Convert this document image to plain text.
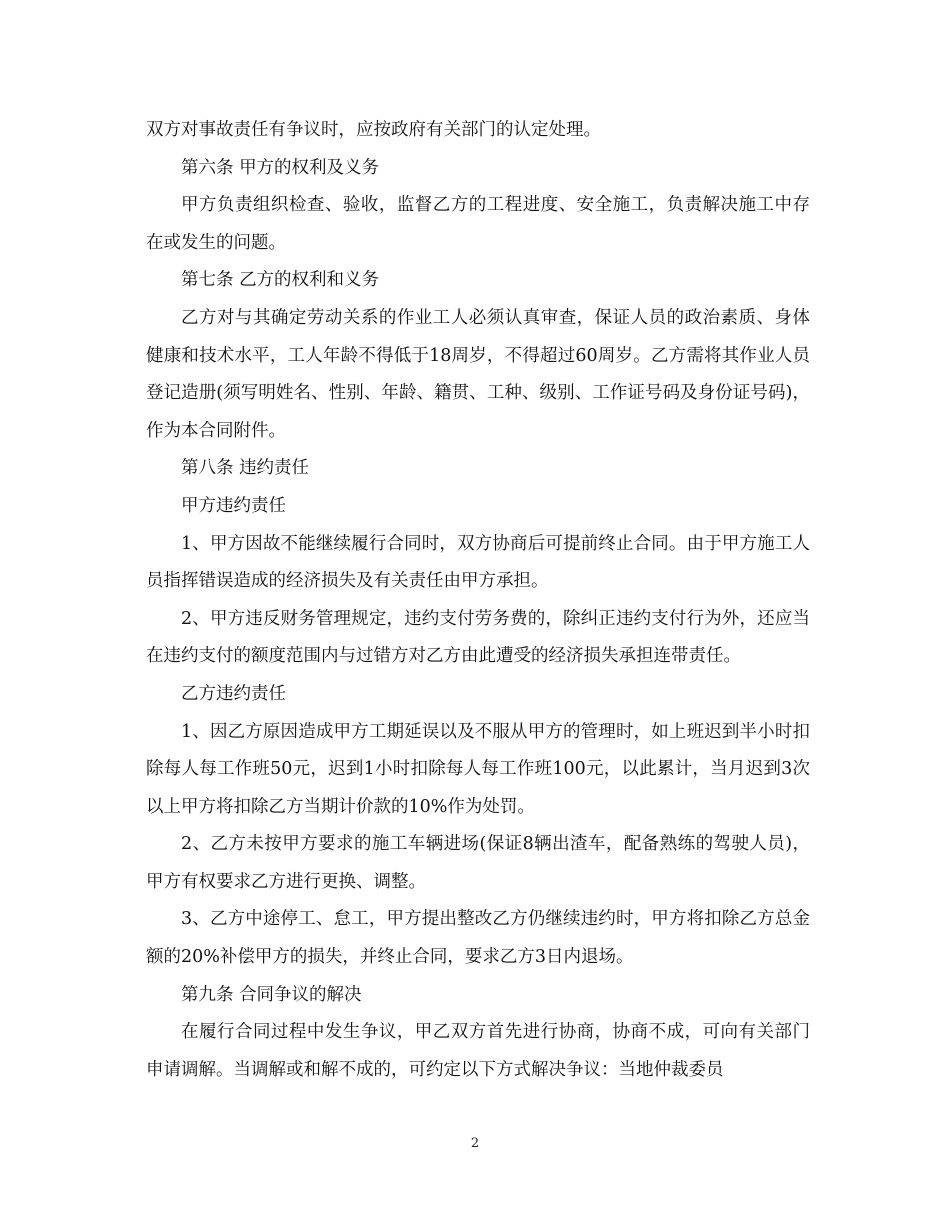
双方对事故责任有争议时，应按政府有关部门的认定处理。

第六条 甲方的权利及义务

甲方负责组织检查、验收，监督乙方的工程进度、安全施工，负责解决施工中存在或发生的问题。

第七条 乙方的权利和义务

乙方对与其确定劳动关系的作业工人必须认真审查，保证人员的政治素质、身体健康和技术水平，工人年龄不得低于18周岁，不得超过60周岁。乙方需将其作业人员登记造册(须写明姓名、性别、年龄、籍贯、工种、级别、工作证号码及身份证号码)，作为本合同附件。

第八条 违约责任

甲方违约责任

1、甲方因故不能继续履行合同时，双方协商后可提前终止合同。由于甲方施工人员指挥错误造成的经济损失及有关责任由甲方承担。

2、甲方违反财务管理规定，违约支付劳务费的，除纠正违约支付行为外，还应当在违约支付的额度范围内与过错方对乙方由此遭受的经济损失承担连带责任。

乙方违约责任

1、因乙方原因造成甲方工期延误以及不服从甲方的管理时，如上班迟到半小时扣除每人每工作班50元，迟到1小时扣除每人每工作班100元，以此累计，当月迟到3次以上甲方将扣除乙方当期计价款的10%作为处罚。

2、乙方未按甲方要求的施工车辆进场(保证8辆出渣车，配备熟练的驾驶人员)，甲方有权要求乙方进行更换、调整。

3、乙方中途停工、怠工，甲方提出整改乙方仍继续违约时，甲方将扣除乙方总金额的20%补偿甲方的损失，并终止合同，要求乙方3日内退场。

第九条 合同争议的解决

在履行合同过程中发生争议，甲乙双方首先进行协商，协商不成，可向有关部门申请调解。当调解或和解不成的，可约定以下方式解决争议：当地仲裁委员

2
